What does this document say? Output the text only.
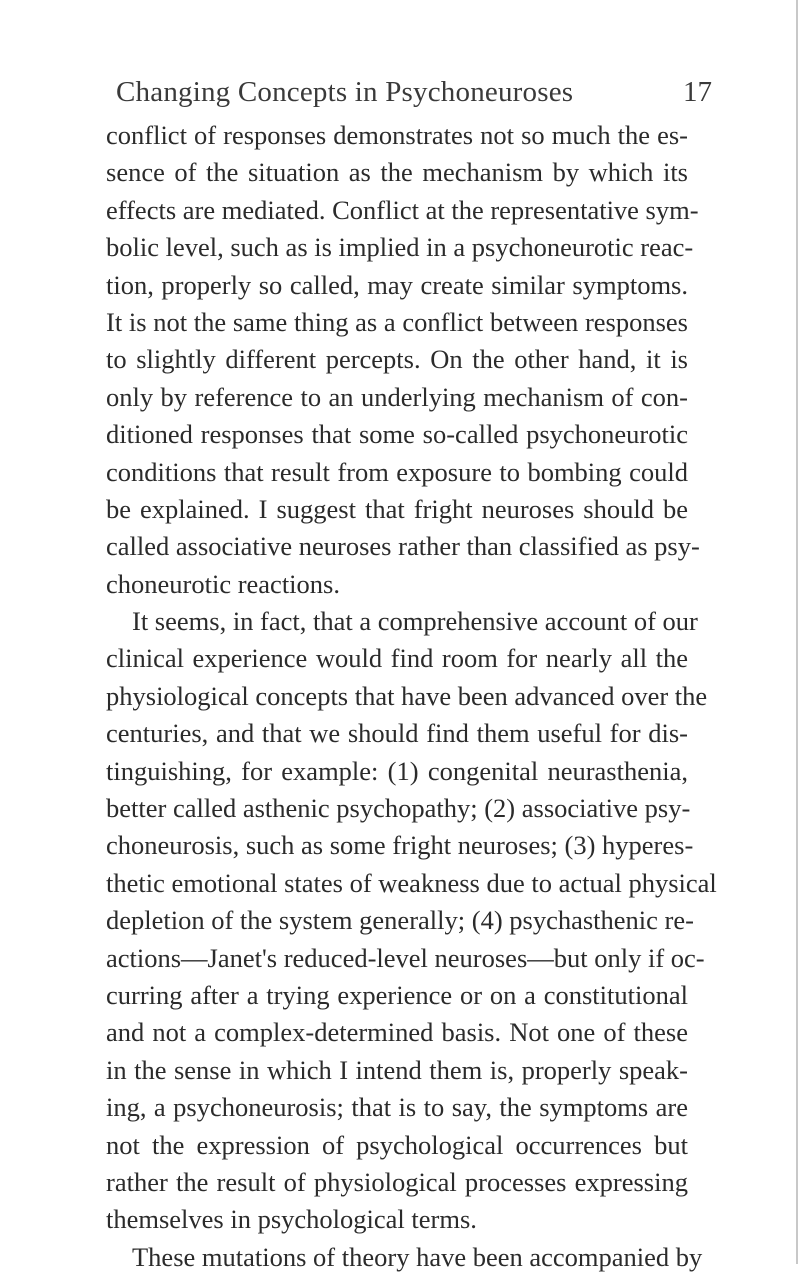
Changing Concepts in Psychoneuroses	17
conflict of responses demonstrates not so much the es-
sence of the situation as the mechanism by which its
effects are mediated. Conflict at the representative sym-
bolic level, such as is implied in a psychoneurotic reac-
tion, properly so called, may create similar symptoms.
It is not the same thing as a conflict between responses
to slightly different percepts. On the other hand, it is
only by reference to an underlying mechanism of con-
ditioned responses that some so-called psychoneurotic
conditions that result from exposure to bombing could
be explained. I suggest that fright neuroses should be
called associative neuroses rather than classified as psy-
choneurotic reactions.
It seems, in fact, that a comprehensive account of our
clinical experience would find room for nearly all the
physiological concepts that have been advanced over the
centuries, and that we should find them useful for dis-
tinguishing, for example: (1) congenital neurasthenia,
better called asthenic psychopathy; (2) associative psy-
choneurosis, such as some fright neuroses; (3) hyperes-
thetic emotional states of weakness due to actual physical
depletion of the system generally; (4) psychasthenic re-
actions—Janet's reduced-level neuroses—but only if oc-
curring after a trying experience or on a constitutional
and not a complex-determined basis. Not one of these
in the sense in which I intend them is, properly speak-
ing, a psychoneurosis; that is to say, the symptoms are
not the expression of psychological occurrences but
rather the result of physiological processes expressing
themselves in psychological terms.
These mutations of theory have been accompanied by
